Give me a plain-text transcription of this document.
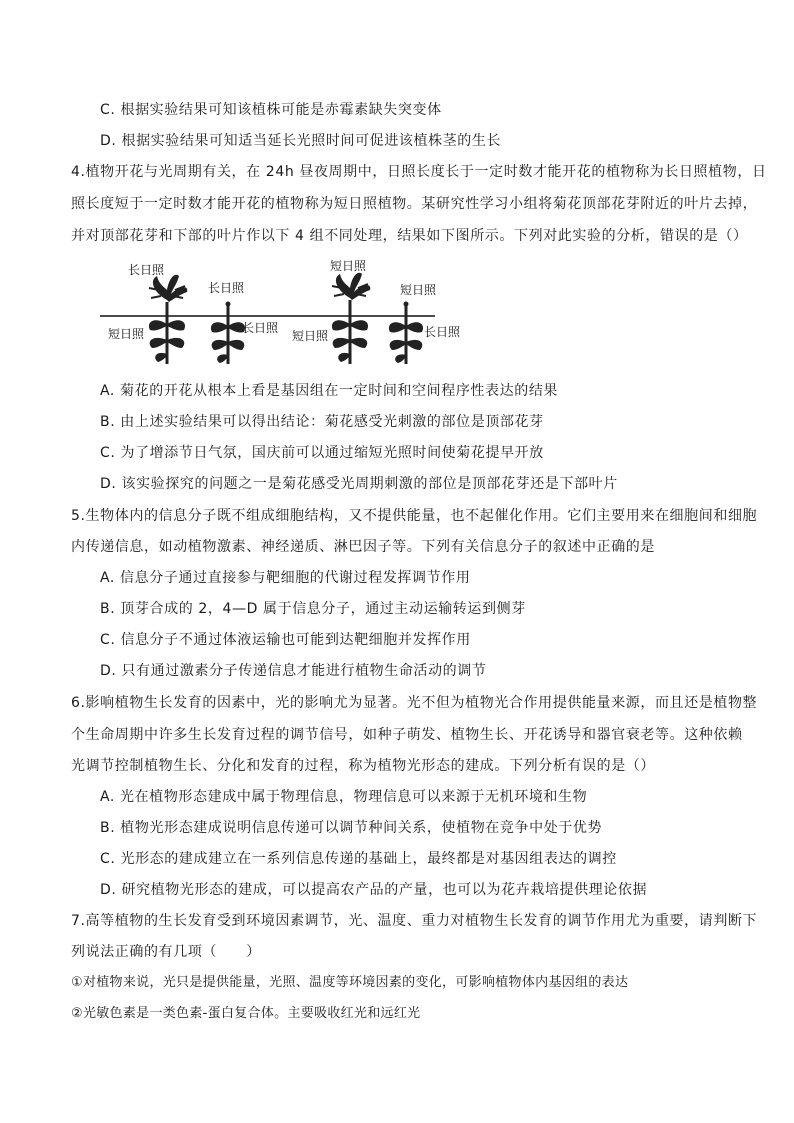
C. 根据实验结果可知该植株可能是赤霉素缺失突变体
D. 根据实验结果可知适当延长光照时间可促进该植株茎的生长
4.植物开花与光周期有关，在 24h 昼夜周期中，日照长度长于一定时数才能开花的植物称为长日照植物，日
照长度短于一定时数才能开花的植物称为短日照植物。某研究性学习小组将菊花顶部花芽附近的叶片去掉，
并对顶部花芽和下部的叶片作以下 4 组不同处理，结果如下图所示。下列对此实验的分析，错误的是（）
长日照
短日照
长日照
长日照
短日照
短日照
短日照
长日照
A. 菊花的开花从根本上看是基因组在一定时间和空间程序性表达的结果
B. 由上述实验结果可以得出结论：菊花感受光刺激的部位是顶部花芽
C. 为了增添节日气氛，国庆前可以通过缩短光照时间使菊花提早开放
D. 该实验探究的问题之一是菊花感受光周期刺激的部位是顶部花芽还是下部叶片
5.生物体内的信息分子既不组成细胞结构，又不提供能量，也不起催化作用。它们主要用来在细胞间和细胞
内传递信息，如动植物激素、神经递质、淋巴因子等。下列有关信息分子的叙述中正确的是
A. 信息分子通过直接参与靶细胞的代谢过程发挥调节作用
B. 顶芽合成的 2，4—D 属于信息分子，通过主动运输转运到侧芽
C. 信息分子不通过体液运输也可能到达靶细胞并发挥作用
D. 只有通过激素分子传递信息才能进行植物生命活动的调节
6.影响植物生长发育的因素中，光的影响尤为显著。光不但为植物光合作用提供能量来源，而且还是植物整
个生命周期中许多生长发育过程的调节信号，如种子萌发、植物生长、开花诱导和器官衰老等。这种依赖
光调节控制植物生长、分化和发育的过程，称为植物光形态的建成。下列分析有误的是（）
A. 光在植物形态建成中属于物理信息，物理信息可以来源于无机环境和生物
B. 植物光形态建成说明信息传递可以调节种间关系，使植物在竞争中处于优势
C. 光形态的建成建立在一系列信息传递的基础上，最终都是对基因组表达的调控
D. 研究植物光形态的建成，可以提高农产品的产量，也可以为花卉栽培提供理论依据
7.高等植物的生长发育受到环境因素调节，光、温度、重力对植物生长发育的调节作用尤为重要，请判断下
列说法正确的有几项（　　）
①对植物来说，光只是提供能量，光照、温度等环境因素的变化，可影响植物体内基因组的表达
②光敏色素是一类色素-蛋白复合体。主要吸收红光和远红光
